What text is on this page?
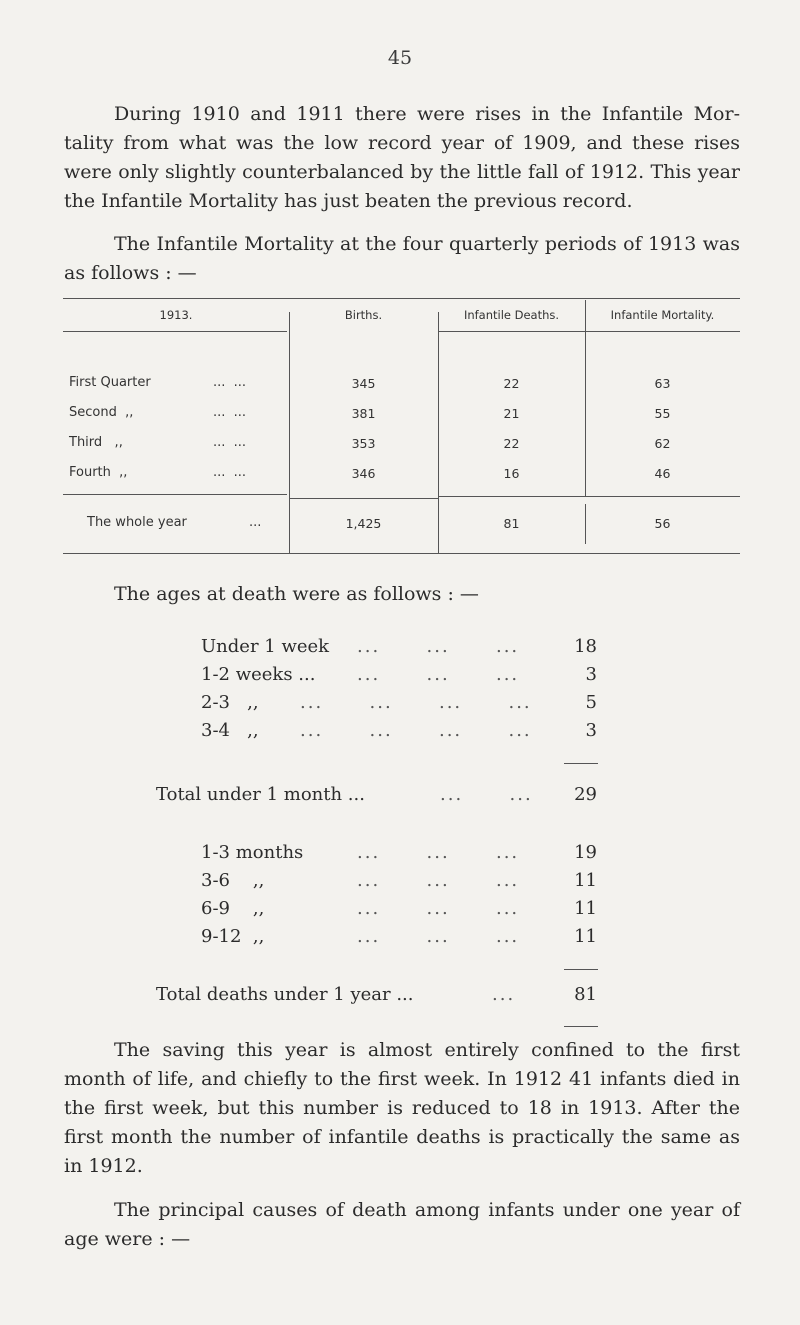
45

During 1910 and 1911 there were rises in the Infantile Mor- tality from what was the low record year of 1909, and these rises were only slightly counterbalanced by the little fall of 1912. This year the Infantile Mortality has just beaten the previous record.

The Infantile Mortality at the four quarterly periods of 1913 was as follows : —

1913.	Births.	Infantile Deaths.	Infantile Mortality.
First Quarter	...  ...	345	22	63
Second  ,,	...  ...	381	21	55
Third   ,,	...  ...	353	22	62
Fourth  ,,	...  ...	346	16	46
The whole year	...	1,425	81	56

The ages at death were as follows : —

Under 1 week ...      ...      ...	18
1-2 weeks ... ...      ...      ...	3
2-3   ,, ...      ...      ...      ...	5
3-4   ,, ...      ...      ...      ...	3
Total under 1 month ...	...      ...	29
1-3 months	...      ...      ...	19
3-6    ,,	...      ...      ...	11
6-9    ,,	...      ...      ...	11
9-12  ,,	...      ...      ...	11
Total deaths under 1 year ...	...	81

The saving this year is almost entirely confined to the first month of life, and chiefly to the first week. In 1912 41 infants died in the first week, but this number is reduced to 18 in 1913. After the first month the number of infantile deaths is practically the same as in 1912.

The principal causes of death among infants under one year of age were : —
